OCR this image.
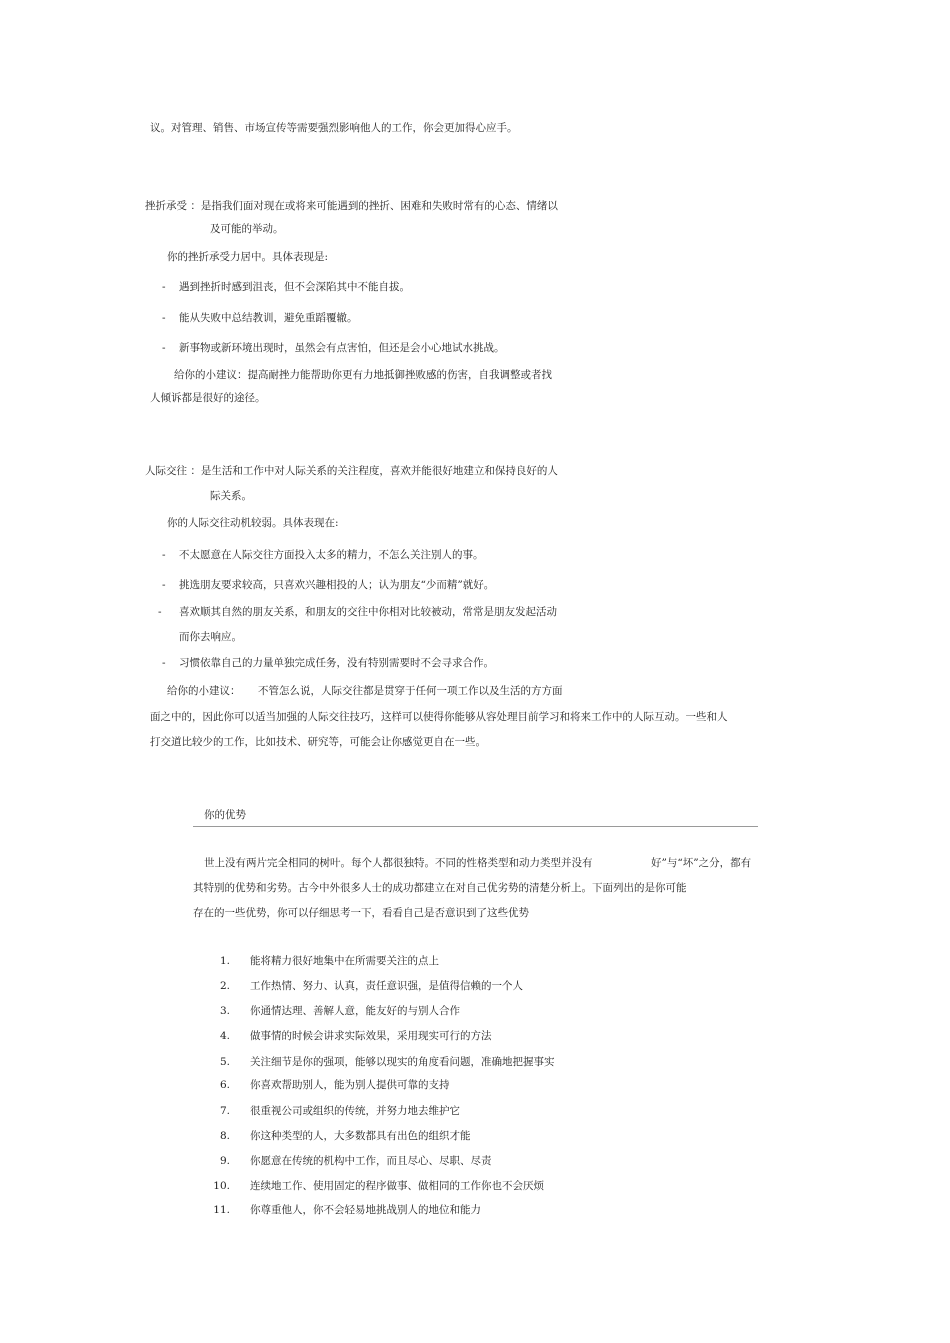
议。对管理、销售、市场宣传等需要强烈影响他人的工作，你会更加得心应手。
挫折承受 ：是指我们面对现在或将来可能遇到的挫折、困难和失败时常有的心态、情绪以
及可能的举动。
你的挫折承受力居中。具体表现是:
- 遇到挫折时感到沮丧，但不会深陷其中不能自拔。
- 能从失败中总结教训，避免重蹈覆辙。
- 新事物或新环境出现时，虽然会有点害怕，但还是会小心地试水挑战。
给你的小建议：提高耐挫力能帮助你更有力地抵御挫败感的伤害，自我调整或者找
人倾诉都是很好的途径。
人际交往 ：是生活和工作中对人际关系的关注程度，喜欢并能很好地建立和保持良好的人
际关系。
你的人际交往动机较弱。具体表现在:
- 不太愿意在人际交往方面投入太多的精力，不怎么关注别人的事。
- 挑选朋友要求较高，只喜欢兴趣相投的人；认为朋友“少而精”就好。
- 喜欢顺其自然的朋友关系，和朋友的交往中你相对比较被动，常常是朋友发起活动
而你去响应。
- 习惯依靠自己的力量单独完成任务，没有特别需要时不会寻求合作。
给你的小建议： 不管怎么说，人际交往都是贯穿于任何一项工作以及生活的方方面
面之中的，因此你可以适当加强的人际交往技巧，这样可以使得你能够从容处理目前学习和将来工作中的人际互动。一些和人
打交道比较少的工作，比如技术、研究等，可能会让你感觉更自在一些。
你的优势
世上没有两片完全相同的树叶。每个人都很独特。不同的性格类型和动力类型并没有	好”与“坏”之分，都有
其特别的优势和劣势。古今中外很多人士的成功都建立在对自己优劣势的清楚分析上。下面列出的是你可能
存在的一些优势，你可以仔细思考一下，看看自己是否意识到了这些优势
1. 能将精力很好地集中在所需要关注的点上
2. 工作热情、努力、认真，责任意识强，是值得信赖的一个人
3. 你通情达理、善解人意，能友好的与别人合作
4. 做事情的时候会讲求实际效果，采用现实可行的方法
5. 关注细节是你的强项，能够以现实的角度看问题，准确地把握事实
6. 你喜欢帮助别人，能为别人提供可靠的支持
7. 很重视公司或组织的传统，并努力地去维护它
8. 你这种类型的人，大多数都具有出色的组织才能
9. 你愿意在传统的机构中工作，而且尽心、尽职、尽责
10. 连续地工作、使用固定的程序做事、做相同的工作你也不会厌烦
11. 你尊重他人，你不会轻易地挑战别人的地位和能力
